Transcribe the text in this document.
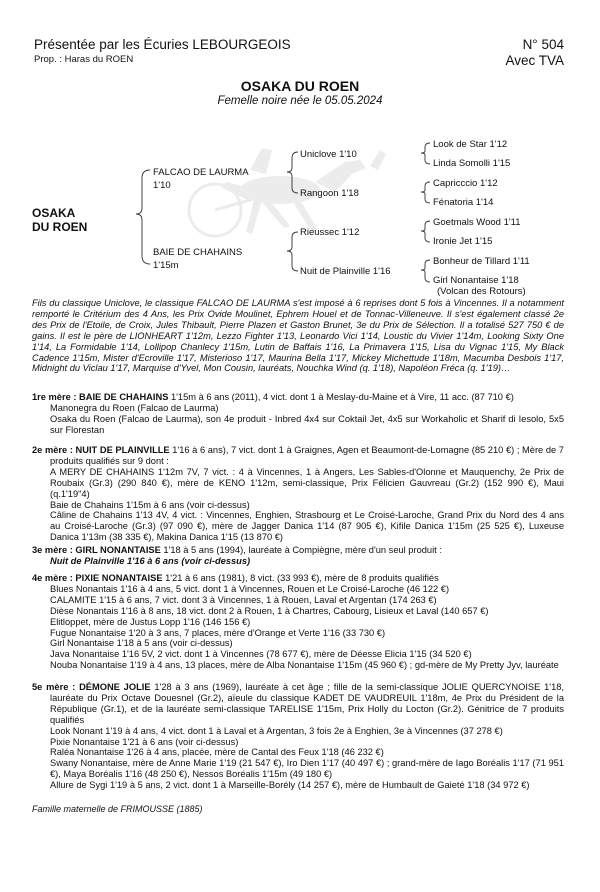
Présentée par les Écuries LEBOURGEOIS
Prop. : Haras du ROEN
N° 504
Avec TVA
OSAKA DU ROEN
Femelle noire née le 05.05.2024
OSAKA
DU ROEN
FALCAO DE LAURMA
1'10
BAIE DE CHAHAINS
1'15m
Uniclove 1'10
Rangoon 1'18
Rieussec 1'12
Nuit de Plainville 1'16
Look de Star 1'12
Linda Somolli 1'15
Capricccio 1'12
Fénatoria 1'14
Goetmals Wood 1'11
Ironie Jet 1'15
Bonheur de Tillard 1'11
Girl Nonantaise 1'18
(Volcan des Rotours)

Fils du classique Uniclove, le classique FALCAO DE LAURMA s'est imposé à 6 reprises dont 5 fois à Vincennes. Il a notamment remporté le Critérium des 4 Ans, les Prix Ovide Moulinet, Ephrem Houel et de Tonnac-Villeneuve. Il s'est également classé 2e des Prix de l'Etoile, de Croix, Jules Thibault, Pierre Plazen et Gaston Brunet, 3e du Prix de Sélection. Il a totalisé 527 750 € de gains. Il est le père de LIONHEART 1'12m, Lezzo Fighter 1'13, Leonardo Vici 1'14, Loustic du Vivier 1'14m, Looking Sixty One 1'14, La Formidable 1'14, Lollipop Chanlecy 1'15m, Lutin de Baffais 1'16, La Primavera 1'15, Lisa du Vignac 1'15, My Black Cadence 1'15m, Mister d'Ecroville 1'17, Misterioso 1'17, Maurina Bella 1'17, Mickey Michettude 1'18m, Macumba Desbois 1'17, Midnight du Viclau 1'17, Marquise d'Yvel, Mon Cousin, lauréats, Nouchka Wind (q. 1'18), Napoléon Fréca (q. 1'19)…

1re mère : BAIE DE CHAHAINS 1'15m à 6 ans (2011), 4 vict. dont 1 à Meslay-du-Maine et à Vire, 11 acc. (87 710 €)

Manonegra du Roen (Falcao de Laurma)

Osaka du Roen (Falcao de Laurma), son 4e produit - Inbred 4x4 sur Coktail Jet, 4x5 sur Workaholic et Sharif di Iesolo, 5x5 sur Florestan

2e mère : NUIT DE PLAINVILLE 1'16 à 6 ans), 7 vict. dont 1 à Graignes, Agen et Beaumont-de-Lomagne (85 210 €) ; Mère de 7 produits qualifiés sur 9 dont :

A MERY DE CHAHAINS 1'12m 7V, 7 vict. : 4 à Vincennes, 1 à Angers, Les Sables-d'Olonne et Mauquenchy, 2e Prix de Roubaix (Gr.3) (290 840 €), mère de KENO 1'12m, semi-classique, Prix Félicien Gauvreau (Gr.2) (152 990 €), Maui (q.1'19"4)

Baie de Chahains 1'15m à 6 ans (voir ci-dessus)

Câline de Chahains 1'13 4V, 4 vict. : Vincennes, Enghien, Strasbourg et Le Croisé-Laroche, Grand Prix du Nord des 4 ans au Croisé-Laroche (Gr.3) (97 090 €), mère de Jagger Danica 1'14 (87 905 €), Kifile Danica 1'15m (25 525 €), Luxeuse Danica 1'13m (38 335 €), Makina Danica 1'15 (13 870 €)

3e mère : GIRL NONANTAISE 1'18 à 5 ans (1994), lauréate à Compiègne, mère d'un seul produit :

Nuit de Plainville 1'16 à 6 ans (voir ci-dessus)

4e mère : PIXIE NONANTAISE 1'21 à 6 ans (1981), 8 vict. (33 993 €), mère de 8 produits qualifiés

Blues Nonantais 1'16 à 4 ans, 5 vict. dont 1 à Vincennes, Rouen et Le Croisé-Laroche (46 122 €)

CALAMITE 1'15 à 6 ans, 7 vict. dont 3 à Vincennes, 1 à Rouen, Laval et Argentan (174 263 €)

Dièse Nonantais 1'16 à 8 ans, 18 vict. dont 2 à Rouen, 1 à Chartres, Cabourg, Lisieux et Laval (140 657 €)

Elitloppet, mère de Justus Lopp 1'16 (146 156 €)

Fugue Nonantaise 1'20 à 3 ans, 7 places, mère d'Orange et Verte 1'16 (33 730 €)

Girl Nonantaise 1'18 à 5 ans (voir ci-dessus)

Java Nonantaise 1'16 5V, 2 vict. dont 1 à Vincennes (78 677 €), mère de Déesse Elicia 1'15 (34 520 €)

Nouba Nonantaise 1'19 à 4 ans, 13 places, mère de Alba Nonantaise 1'15m (45 960 €) ; gd-mère de My Pretty Jyv, lauréate

5e mère : DÉMONE JOLIE 1'28 à 3 ans (1969), lauréate à cet âge ; fille de la semi-classique JOLIE QUERCYNOISE 1'18, lauréate du Prix Octave Douesnel (Gr.2), aïeule du classique KADET DE VAUDREUIL 1'18m, 4e Prix du Président de la République (Gr.1), et de la lauréate semi-classique TARELISE 1'15m, Prix Holly du Locton (Gr.2). Génitrice de 7 produits qualifiés

Look Nonant 1'19 à 4 ans, 4 vict. dont 1 à Laval et à Argentan, 3 fois 2e à Enghien, 3e à Vincennes (37 278 €)

Pixie Nonantaise 1'21 à 6 ans (voir ci-dessus)

Raléa Nonantaise 1'26 à 4 ans, placée, mère de Cantal des Feux 1'18 (46 232 €)

Swany Nonantaise, mère de Anne Marie 1'19 (21 547 €), Iro Dien 1'17 (40 497 €) ; grand-mère de Iago Boréalis 1'17 (71 951 €), Maya Boréalis 1'16 (48 250 €), Nessos Boréalis 1'15m (49 180 €)

Allure de Sygi 1'19 à 5 ans, 2 vict. dont 1 à Marseille-Borély (14 257 €), mère de Humbault de Gaieté 1'18 (34 972 €)

Famille maternelle de FRIMOUSSE (1885)
